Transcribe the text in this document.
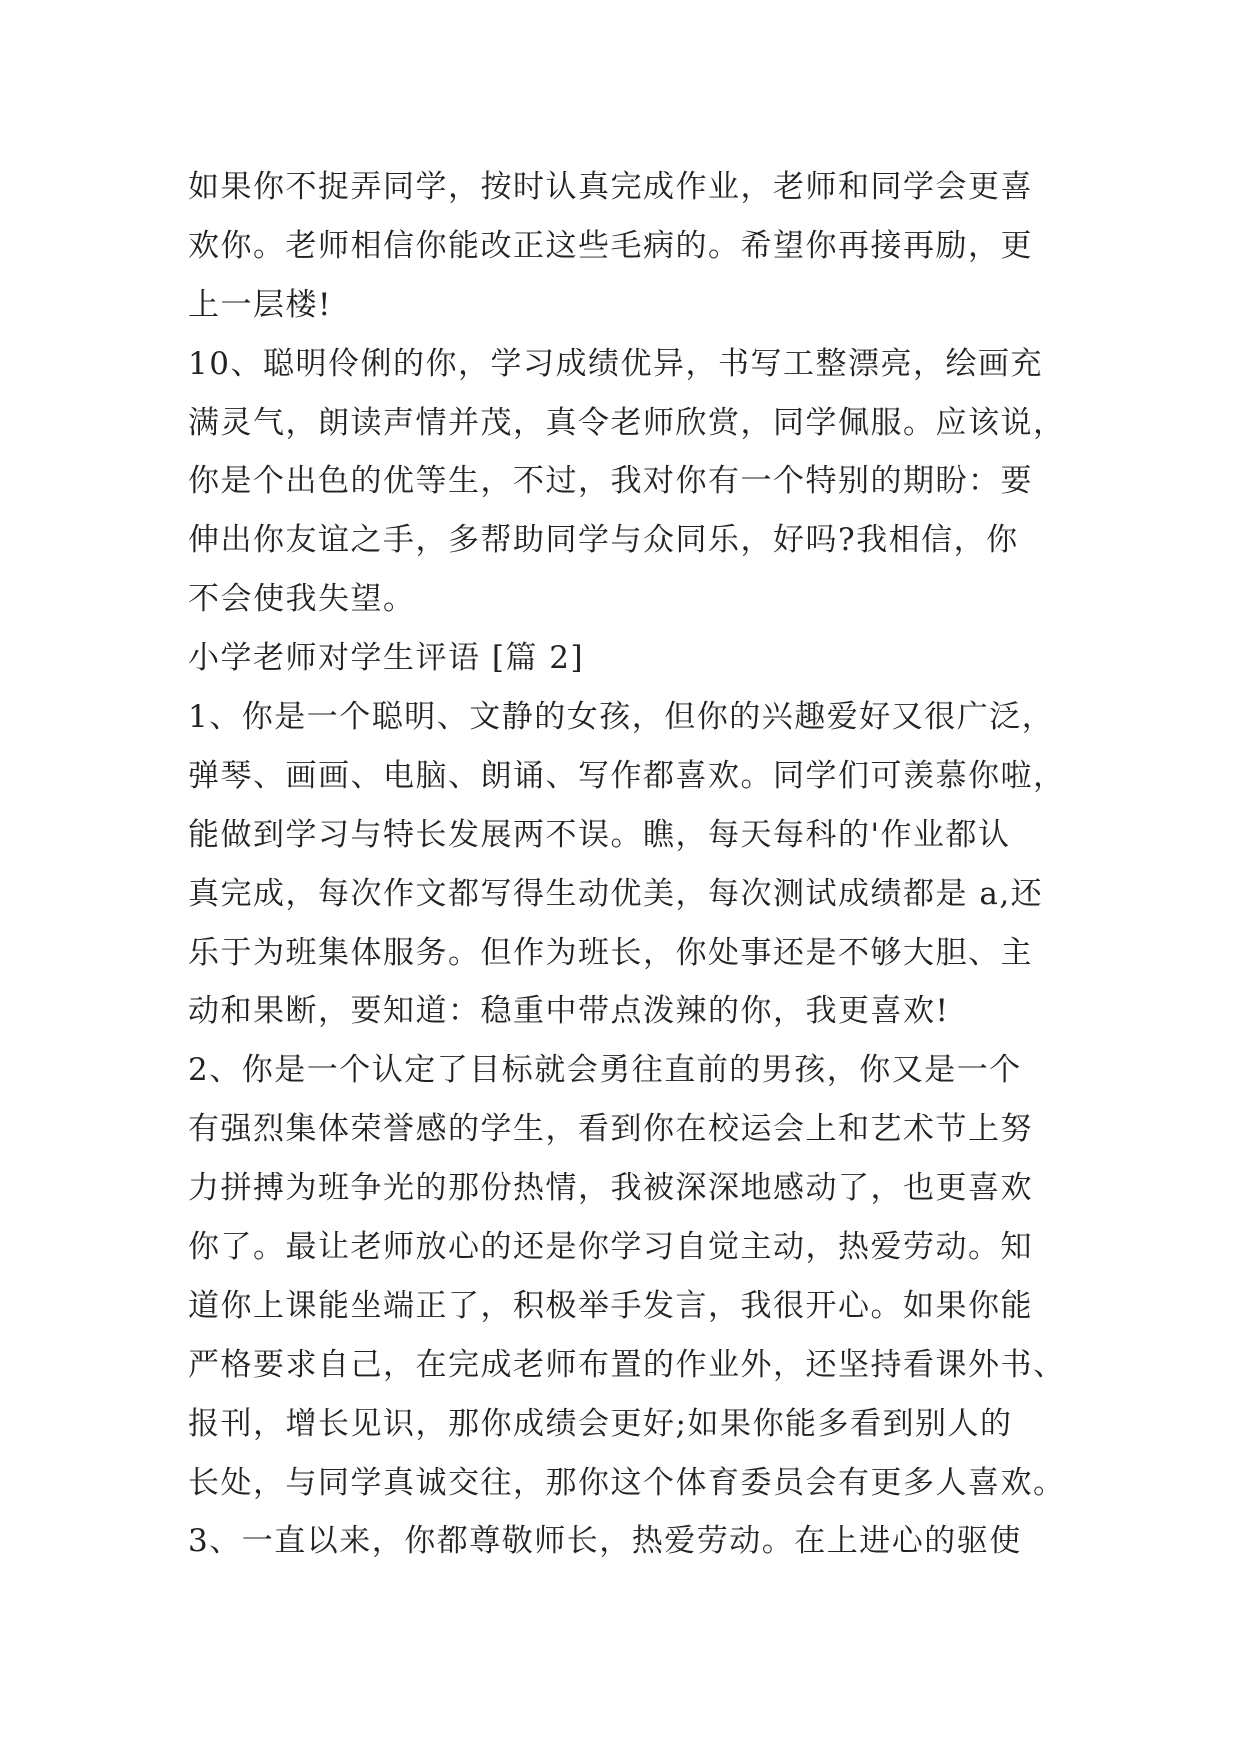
如果你不捉弄同学，按时认真完成作业，老师和同学会更喜
欢你。老师相信你能改正这些毛病的。希望你再接再励，更
上一层楼!
10、聪明伶俐的你，学习成绩优异，书写工整漂亮，绘画充
满灵气，朗读声情并茂，真令老师欣赏，同学佩服。应该说，
你是个出色的优等生，不过，我对你有一个特别的期盼：要
伸出你友谊之手，多帮助同学与众同乐，好吗?我相信，你
不会使我失望。
小学老师对学生评语 [篇 2]
1、你是一个聪明、文静的女孩，但你的兴趣爱好又很广泛，
弹琴、画画、电脑、朗诵、写作都喜欢。同学们可羡慕你啦，
能做到学习与特长发展两不误。瞧，每天每科的'作业都认
真完成，每次作文都写得生动优美，每次测试成绩都是 a,还
乐于为班集体服务。但作为班长，你处事还是不够大胆、主
动和果断，要知道：稳重中带点泼辣的你，我更喜欢!
2、你是一个认定了目标就会勇往直前的男孩，你又是一个
有强烈集体荣誉感的学生，看到你在校运会上和艺术节上努
力拼搏为班争光的那份热情，我被深深地感动了，也更喜欢
你了。最让老师放心的还是你学习自觉主动，热爱劳动。知
道你上课能坐端正了，积极举手发言，我很开心。如果你能
严格要求自己，在完成老师布置的作业外，还坚持看课外书、
报刊，增长见识，那你成绩会更好;如果你能多看到别人的
长处，与同学真诚交往，那你这个体育委员会有更多人喜欢。
3、一直以来，你都尊敬师长，热爱劳动。在上进心的驱使
